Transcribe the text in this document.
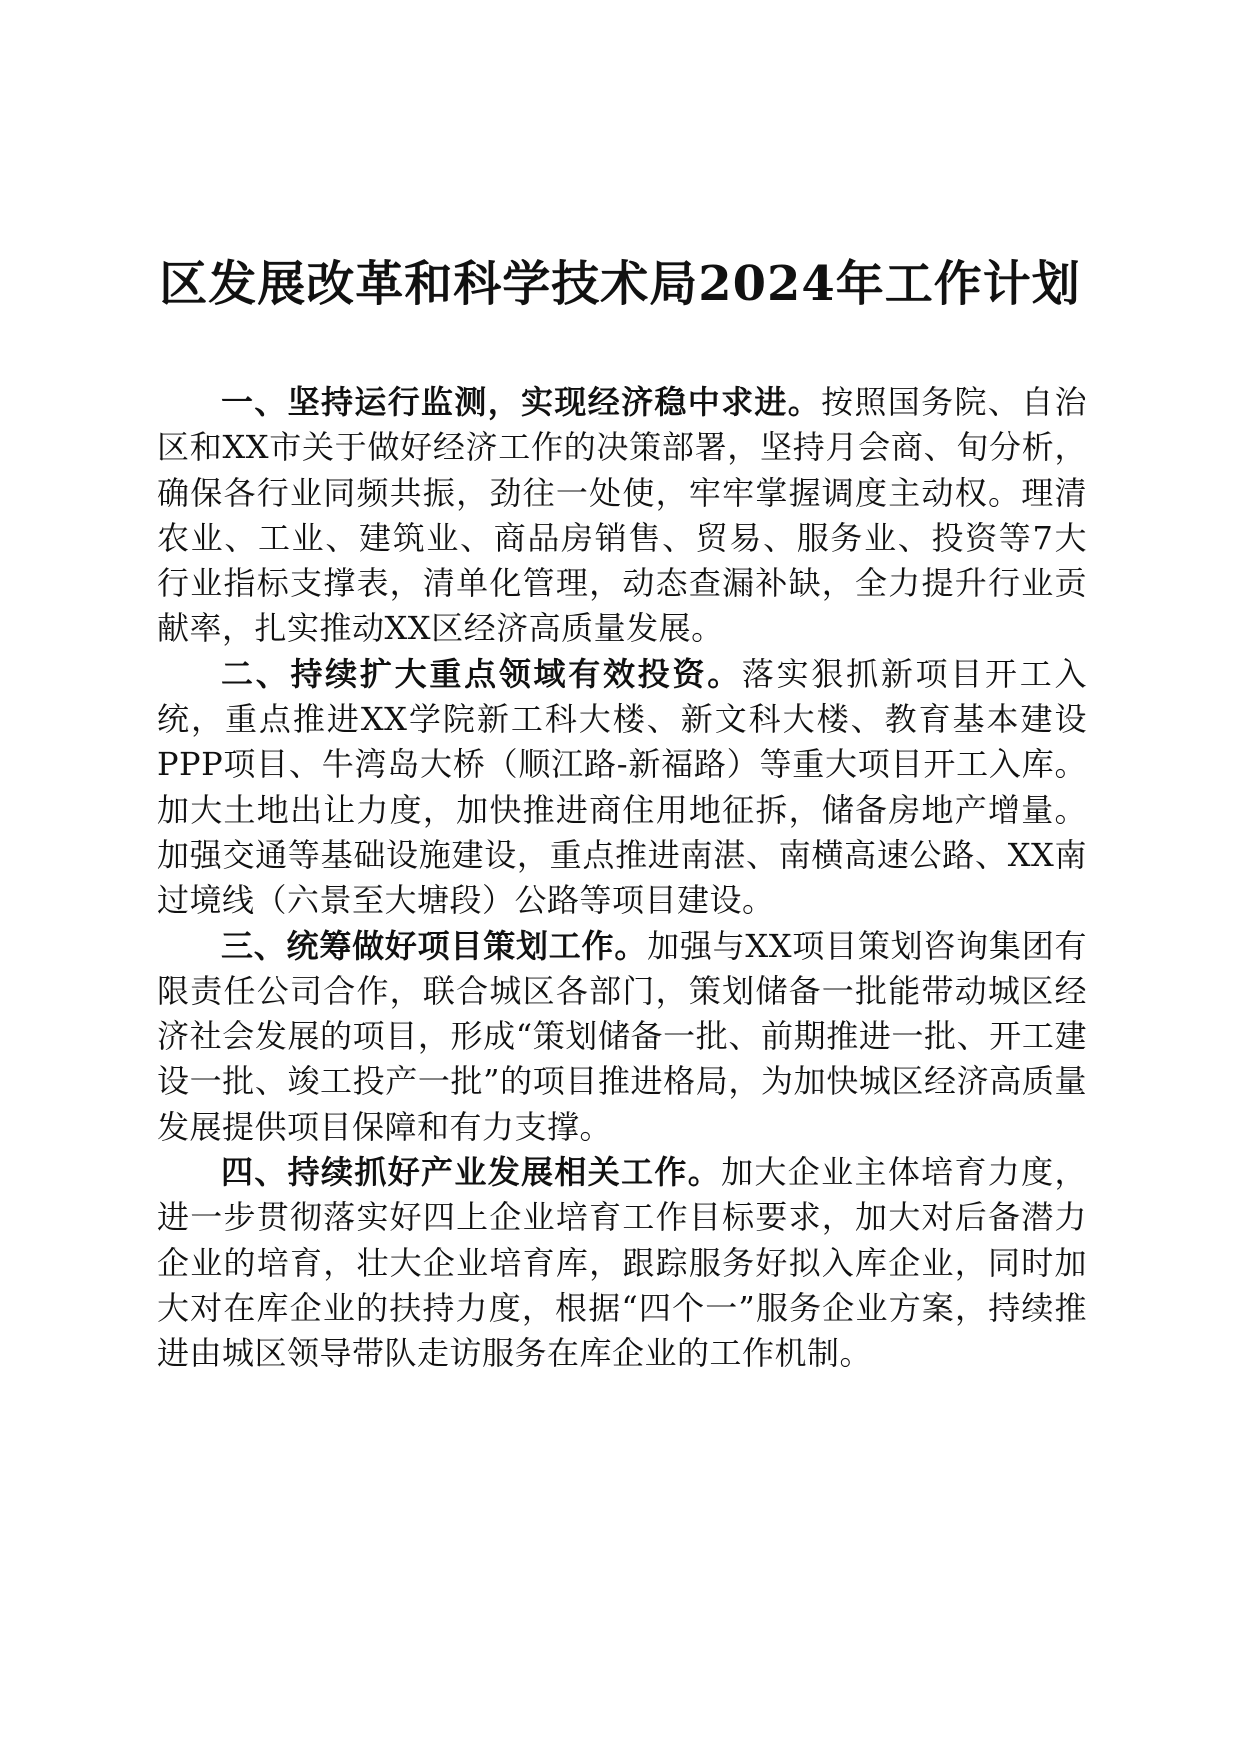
区发展改革和科学技术局2024年工作计划

一、坚持运行监测，实现经济稳中求进。按照国务院、自治区和XX市关于做好经济工作的决策部署，坚持月会商、旬分析，确保各行业同频共振，劲往一处使，牢牢掌握调度主动权。理清农业、工业、建筑业、商品房销售、贸易、服务业、投资等7大行业指标支撑表，清单化管理，动态查漏补缺，全力提升行业贡献率，扎实推动XX区经济高质量发展。

二、持续扩大重点领域有效投资。落实狠抓新项目开工入统，重点推进XX学院新工科大楼、新文科大楼、教育基本建设PPP项目、牛湾岛大桥（顺江路-新福路）等重大项目开工入库。加大土地出让力度，加快推进商住用地征拆，储备房地产增量。加强交通等基础设施建设，重点推进南湛、南横高速公路、XX南过境线（六景至大塘段）公路等项目建设。

三、统筹做好项目策划工作。加强与XX项目策划咨询集团有限责任公司合作，联合城区各部门，策划储备一批能带动城区经济社会发展的项目，形成“策划储备一批、前期推进一批、开工建设一批、竣工投产一批”的项目推进格局，为加快城区经济高质量发展提供项目保障和有力支撑。

四、持续抓好产业发展相关工作。加大企业主体培育力度，进一步贯彻落实好四上企业培育工作目标要求，加大对后备潜力企业的培育，壮大企业培育库，跟踪服务好拟入库企业，同时加大对在库企业的扶持力度，根据“四个一”服务企业方案，持续推进由城区领导带队走访服务在库企业的工作机制。
